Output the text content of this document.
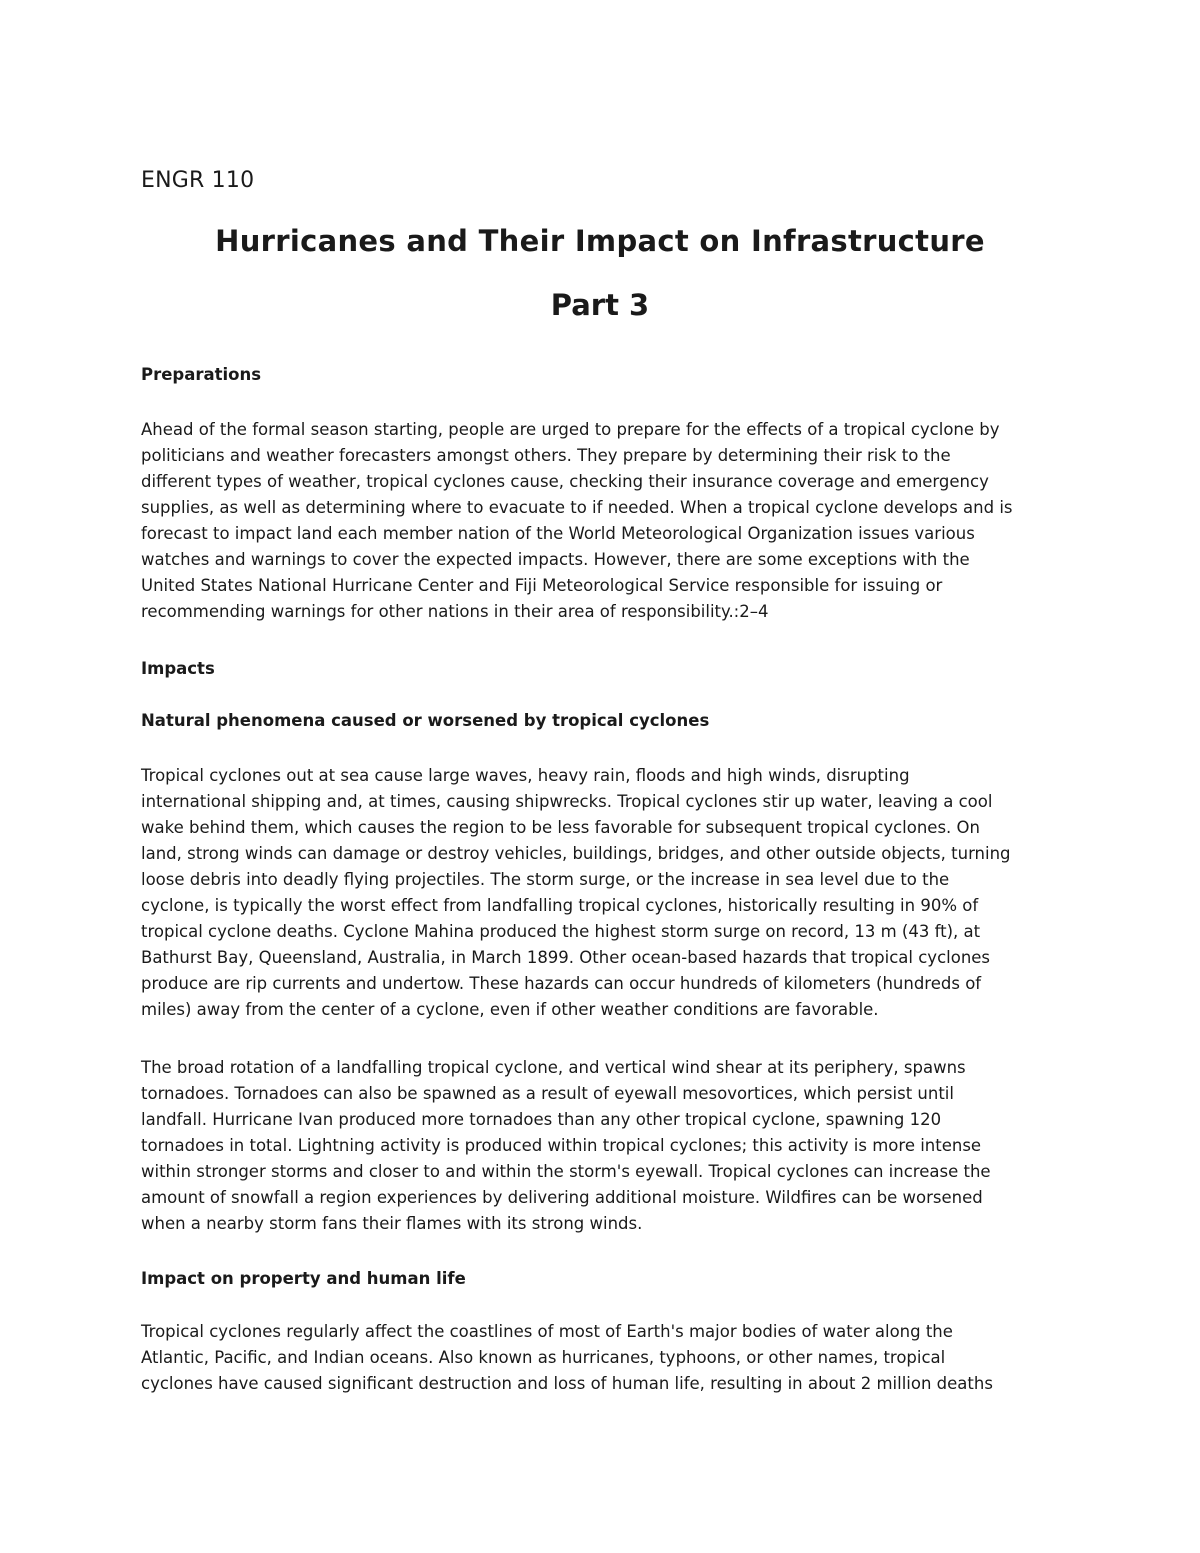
ENGR 110
Hurricanes and Their Impact on Infrastructure
Part 3
Preparations
Ahead of the formal season starting, people are urged to prepare for the effects of a tropical cyclone by
politicians and weather forecasters amongst others. They prepare by determining their risk to the
different types of weather, tropical cyclones cause, checking their insurance coverage and emergency
supplies, as well as determining where to evacuate to if needed. When a tropical cyclone develops and is
forecast to impact land each member nation of the World Meteorological Organization issues various
watches and warnings to cover the expected impacts. However, there are some exceptions with the
United States National Hurricane Center and Fiji Meteorological Service responsible for issuing or
recommending warnings for other nations in their area of responsibility.:2–4
Impacts
Natural phenomena caused or worsened by tropical cyclones
Tropical cyclones out at sea cause large waves, heavy rain, floods and high winds, disrupting
international shipping and, at times, causing shipwrecks. Tropical cyclones stir up water, leaving a cool
wake behind them, which causes the region to be less favorable for subsequent tropical cyclones. On
land, strong winds can damage or destroy vehicles, buildings, bridges, and other outside objects, turning
loose debris into deadly flying projectiles. The storm surge, or the increase in sea level due to the
cyclone, is typically the worst effect from landfalling tropical cyclones, historically resulting in 90% of
tropical cyclone deaths. Cyclone Mahina produced the highest storm surge on record, 13 m (43 ft), at
Bathurst Bay, Queensland, Australia, in March 1899. Other ocean-based hazards that tropical cyclones
produce are rip currents and undertow. These hazards can occur hundreds of kilometers (hundreds of
miles) away from the center of a cyclone, even if other weather conditions are favorable.
The broad rotation of a landfalling tropical cyclone, and vertical wind shear at its periphery, spawns
tornadoes. Tornadoes can also be spawned as a result of eyewall mesovortices, which persist until
landfall. Hurricane Ivan produced more tornadoes than any other tropical cyclone, spawning 120
tornadoes in total. Lightning activity is produced within tropical cyclones; this activity is more intense
within stronger storms and closer to and within the storm's eyewall. Tropical cyclones can increase the
amount of snowfall a region experiences by delivering additional moisture. Wildfires can be worsened
when a nearby storm fans their flames with its strong winds.
Impact on property and human life
Tropical cyclones regularly affect the coastlines of most of Earth's major bodies of water along the
Atlantic, Pacific, and Indian oceans. Also known as hurricanes, typhoons, or other names, tropical
cyclones have caused significant destruction and loss of human life, resulting in about 2 million deaths
